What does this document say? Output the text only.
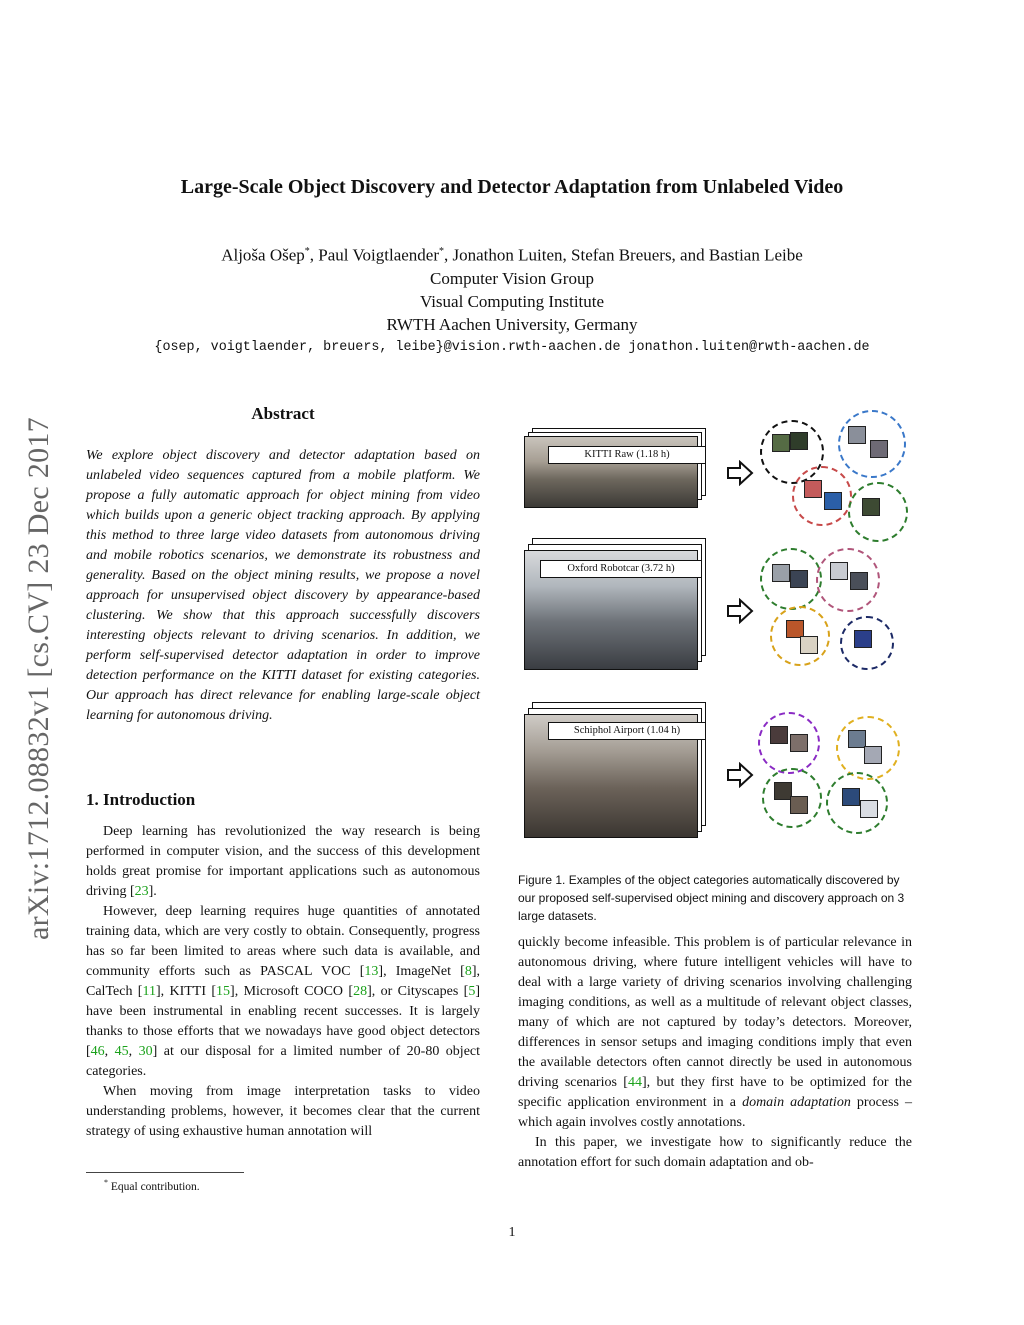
Large-Scale Object Discovery and Detector Adaptation from Unlabeled Video
Aljoša Ošep*, Paul Voigtlaender*, Jonathon Luiten, Stefan Breuers, and Bastian Leibe
Computer Vision Group
Visual Computing Institute
RWTH Aachen University, Germany
{osep, voigtlaender, breuers, leibe}@vision.rwth-aachen.de jonathon.luiten@rwth-aachen.de
arXiv:1712.08832v1 [cs.CV] 23 Dec 2017
Abstract
We explore object discovery and detector adaptation based on unlabeled video sequences captured from a mobile platform. We propose a fully automatic approach for object mining from video which builds upon a generic object tracking approach. By applying this method to three large video datasets from autonomous driving and mobile robotics scenarios, we demonstrate its robustness and generality. Based on the object mining results, we propose a novel approach for unsupervised object discovery by appearance-based clustering. We show that this approach successfully discovers interesting objects relevant to driving scenarios. In addition, we perform self-supervised detector adaptation in order to improve detection performance on the KITTI dataset for existing categories. Our approach has direct relevance for enabling large-scale object learning for autonomous driving.
1. Introduction

Deep learning has revolutionized the way research is being performed in computer vision, and the success of this development holds great promise for important applications such as autonomous driving [23].

However, deep learning requires huge quantities of annotated training data, which are very costly to obtain. Consequently, progress has so far been limited to areas where such data is available, and community efforts such as PASCAL VOC [13], ImageNet [8], CalTech [11], KITTI [15], Microsoft COCO [28], or Cityscapes [5] have been instrumental in enabling recent successes. It is largely thanks to those efforts that we nowadays have good object detectors [46, 45, 30] at our disposal for a limited number of 20-80 object categories.

When moving from image interpretation tasks to video understanding problems, however, it becomes clear that the current strategy of using exhaustive human annotation will

* Equal contribution.
KITTI Raw (1.18 h)
Oxford Robotcar (3.72 h)
Schiphol Airport (1.04 h)
Figure 1. Examples of the object categories automatically discovered by our proposed self-supervised object mining and discovery approach on 3 large datasets.

quickly become infeasible. This problem is of particular relevance in autonomous driving, where future intelligent vehicles will have to deal with a large variety of driving scenarios involving challenging imaging conditions, as well as a multitude of relevant object classes, many of which are not captured by today’s detectors. Moreover, differences in sensor setups and imaging conditions imply that even the available detectors often cannot directly be used in autonomous driving scenarios [44], but they first have to be optimized for the specific application environment in a domain adaptation process – which again involves costly annotations.

In this paper, we investigate how to significantly reduce the annotation effort for such domain adaptation and ob-

1
